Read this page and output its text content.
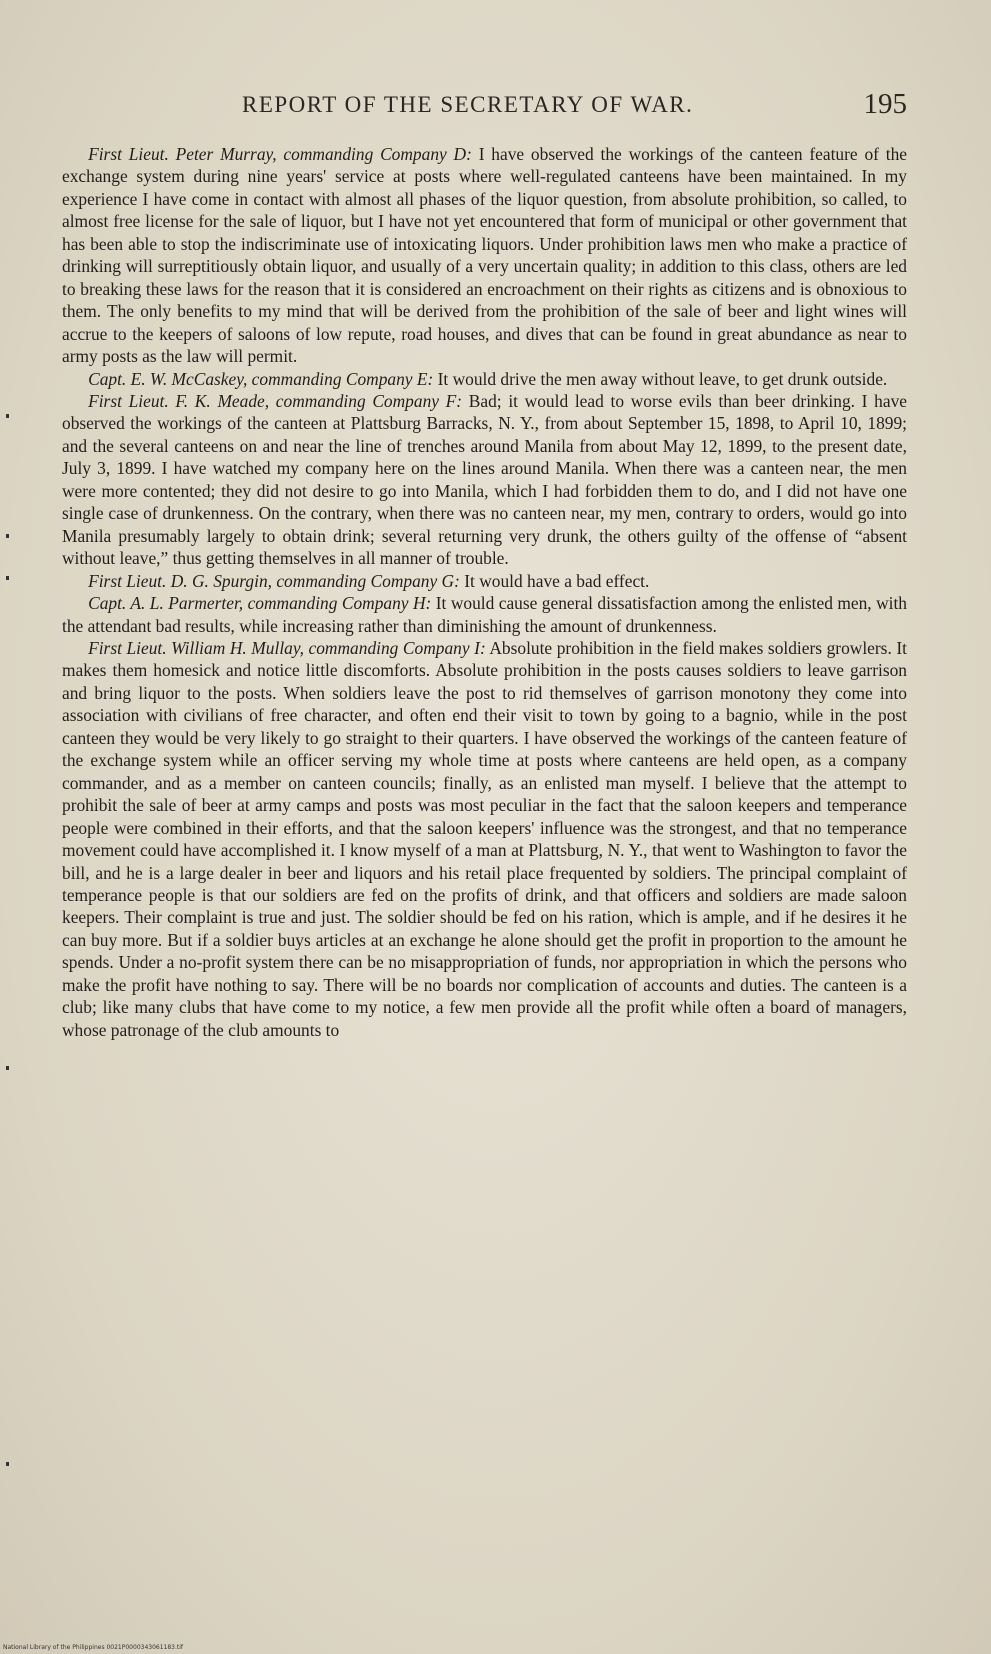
REPORT OF THE SECRETARY OF WAR.	195

First Lieut. Peter Murray, commanding Company D: I have observed the workings of the canteen feature of the exchange system during nine years' service at posts where well-regulated canteens have been maintained. In my experience I have come in contact with almost all phases of the liquor question, from absolute prohibition, so called, to almost free license for the sale of liquor, but I have not yet encountered that form of municipal or other government that has been able to stop the indiscriminate use of intoxicating liquors. Under prohibition laws men who make a practice of drinking will surreptitiously obtain liquor, and usually of a very uncertain quality; in addition to this class, others are led to breaking these laws for the reason that it is considered an encroachment on their rights as citizens and is obnoxious to them. The only benefits to my mind that will be derived from the prohibition of the sale of beer and light wines will accrue to the keepers of saloons of low repute, road houses, and dives that can be found in great abundance as near to army posts as the law will permit.

Capt. E. W. McCaskey, commanding Company E: It would drive the men away without leave, to get drunk outside.

First Lieut. F. K. Meade, commanding Company F: Bad; it would lead to worse evils than beer drinking. I have observed the workings of the canteen at Plattsburg Barracks, N. Y., from about September 15, 1898, to April 10, 1899; and the several canteens on and near the line of trenches around Manila from about May 12, 1899, to the present date, July 3, 1899. I have watched my company here on the lines around Manila. When there was a canteen near, the men were more contented; they did not desire to go into Manila, which I had forbidden them to do, and I did not have one single case of drunkenness. On the contrary, when there was no canteen near, my men, contrary to orders, would go into Manila presumably largely to obtain drink; several returning very drunk, the others guilty of the offense of “absent without leave,” thus getting themselves in all manner of trouble.

First Lieut. D. G. Spurgin, commanding Company G: It would have a bad effect.

Capt. A. L. Parmerter, commanding Company H: It would cause general dissatisfaction among the enlisted men, with the attendant bad results, while increasing rather than diminishing the amount of drunkenness.

First Lieut. William H. Mullay, commanding Company I: Absolute prohibition in the field makes soldiers growlers. It makes them homesick and notice little discomforts. Absolute prohibition in the posts causes soldiers to leave garrison and bring liquor to the posts. When soldiers leave the post to rid themselves of garrison monotony they come into association with civilians of free character, and often end their visit to town by going to a bagnio, while in the post canteen they would be very likely to go straight to their quarters. I have observed the workings of the canteen feature of the exchange system while an officer serving my whole time at posts where canteens are held open, as a company commander, and as a member on canteen councils; finally, as an enlisted man myself. I believe that the attempt to prohibit the sale of beer at army camps and posts was most peculiar in the fact that the saloon keepers and temperance people were combined in their efforts, and that the saloon keepers' influence was the strongest, and that no temperance movement could have accomplished it. I know myself of a man at Plattsburg, N. Y., that went to Washington to favor the bill, and he is a large dealer in beer and liquors and his retail place frequented by soldiers. The principal complaint of temperance people is that our soldiers are fed on the profits of drink, and that officers and soldiers are made saloon keepers. Their complaint is true and just. The soldier should be fed on his ration, which is ample, and if he desires it he can buy more. But if a soldier buys articles at an exchange he alone should get the profit in proportion to the amount he spends. Under a no-profit system there can be no misappropriation of funds, nor appropriation in which the persons who make the profit have nothing to say. There will be no boards nor complication of accounts and duties. The canteen is a club; like many clubs that have come to my notice, a few men provide all the profit while often a board of managers, whose patronage of the club amounts to

National Library of the Philippines 0021P0000343061183.tif
